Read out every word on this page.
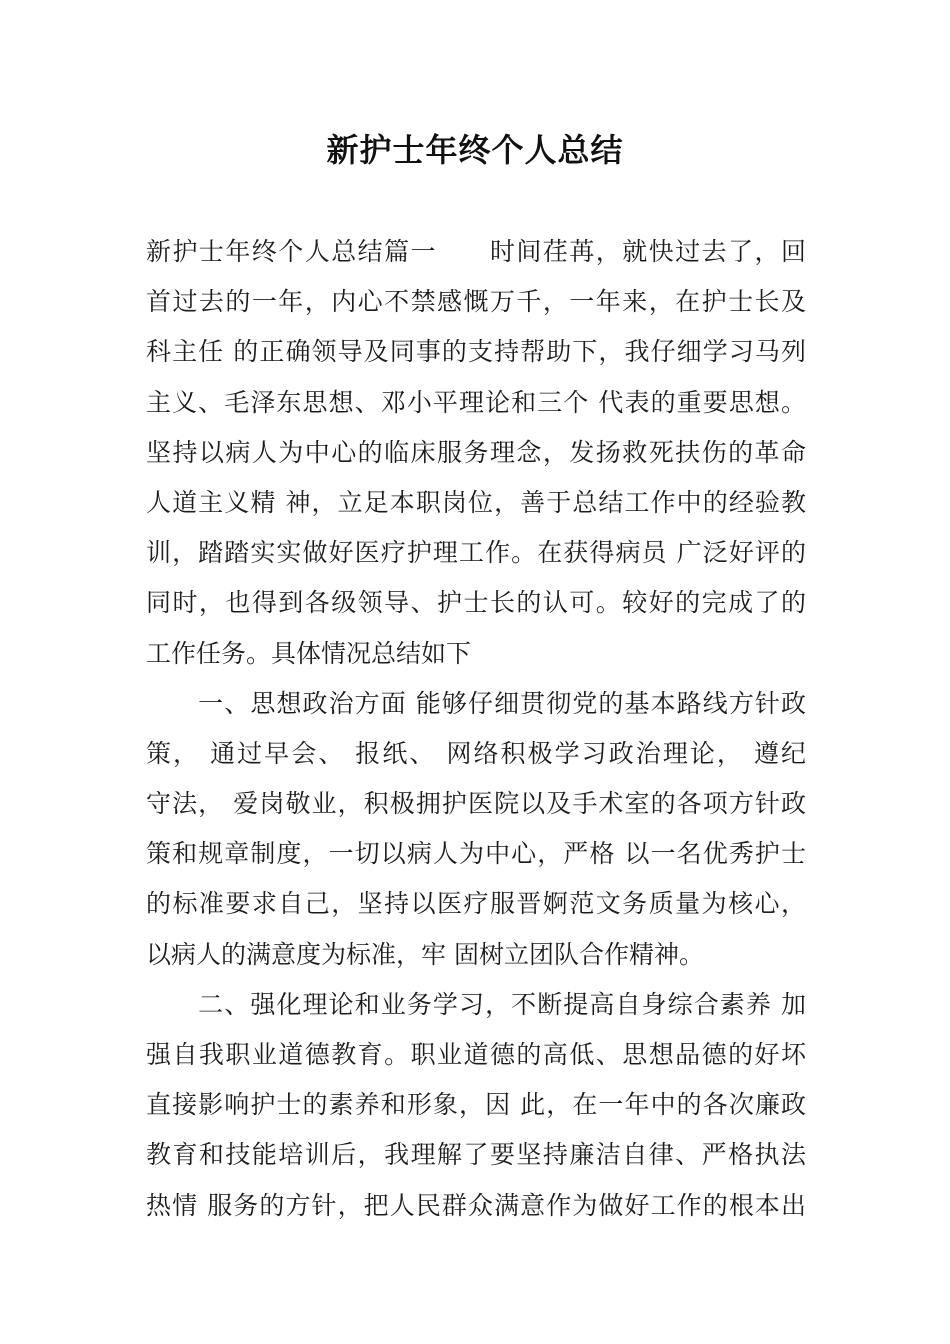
新护士年终个人总结
新护士年终个人总结篇一　　时间荏苒，就快过去了，回
首过去的一年，内心不禁感慨万千，一年来，在护士长及
科主任 的正确领导及同事的支持帮助下，我仔细学习马列
主义、毛泽东思想、邓小平理论和三个 代表的重要思想。
坚持以病人为中心的临床服务理念，发扬救死扶伤的革命
人道主义精 神，立足本职岗位，善于总结工作中的经验教
训，踏踏实实做好医疗护理工作。在获得病员 广泛好评的
同时，也得到各级领导、护士长的认可。较好的完成了的
工作任务。具体情况总结如下
　　一、思想政治方面 能够仔细贯彻党的基本路线方针政
策， 通过早会、 报纸、 网络积极学习政治理论， 遵纪
守法， 爱岗敬业，积极拥护医院以及手术室的各项方针政
策和规章制度，一切以病人为中心，严格 以一名优秀护士
的标准要求自己，坚持以医疗服晋婀范文务质量为核心，
以病人的满意度为标准，牢 固树立团队合作精神。
　　二、强化理论和业务学习，不断提高自身综合素养 加
强自我职业道德教育。职业道德的高低、思想品德的好坏
直接影响护士的素养和形象，因 此，在一年中的各次廉政
教育和技能培训后，我理解了要坚持廉洁自律、严格执法
热情 服务的方针，把人民群众满意作为做好工作的根本出
